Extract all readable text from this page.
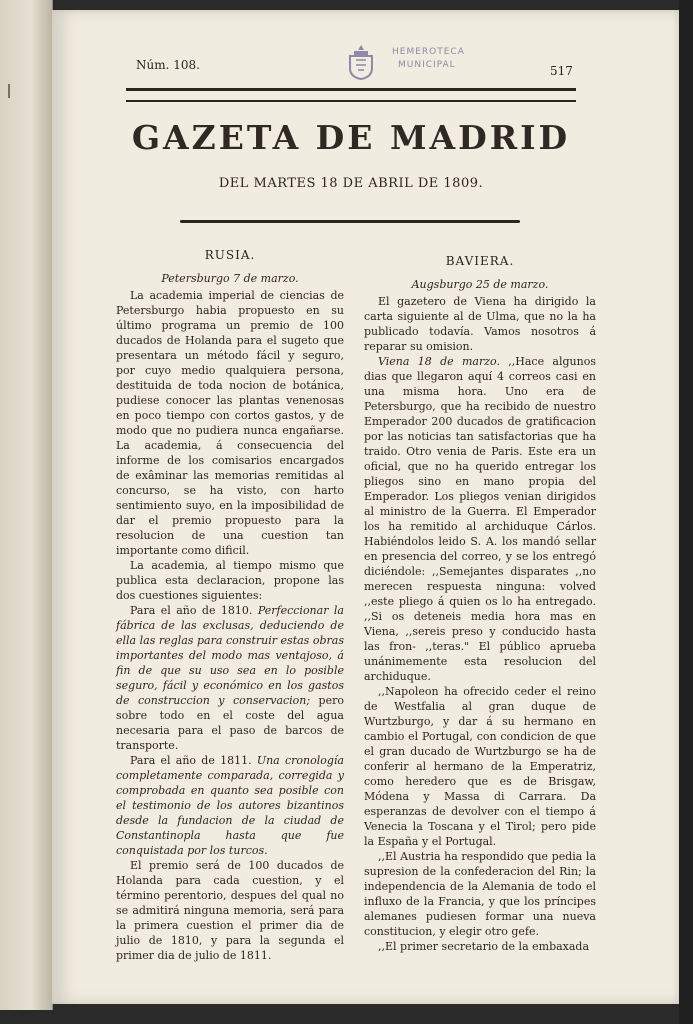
Núm. 108.	517
HEMEROTECA
MUNICIPAL
GAZETA DE MADRID
DEL MARTES 18 DE ABRIL DE 1809.

RUSIA.

Petersburgo 7 de marzo.

La academia imperial de ciencias de Petersburgo habia propuesto en su último programa un premio de 100 ducados de Holanda para el sugeto que presentara un método fácil y seguro, por cuyo medio qualquiera persona, destituida de toda nocion de botánica, pudiese conocer las plantas venenosas en poco tiempo con cortos gastos, y de modo que no pudiera nunca engañarse. La academia, á consecuencia del informe de los comisarios encargados de exâminar las memorias remitidas al concurso, se ha visto, con harto sentimiento suyo, en la imposibilidad de dar el premio propuesto para la resolucion de una cuestion tan importante como dificil.

La academia, al tiempo mismo que publica esta declaracion, propone las dos cuestiones siguientes:

Para el año de 1810. Perfeccionar la fábrica de las exclusas, deduciendo de ella las reglas para construir estas obras importantes del modo mas ventajoso, á fin de que su uso sea en lo posible seguro, fácil y económico en los gastos de construccion y conservacion; pero sobre todo en el coste del agua necesaria para el paso de barcos de transporte.

Para el año de 1811. Una cronología completamente comparada, corregida y comprobada en quanto sea posible con el testimonio de los autores bizantinos desde la fundacion de la ciudad de Constantinopla hasta que fue conquistada por los turcos.

El premio será de 100 ducados de Holanda para cada cuestion, y el término perentorio, despues del qual no se admitirá ninguna memoria, será para la primera cuestion el primer dia de julio de 1810, y para la segunda el primer dia de julio de 1811.

BAVIERA.

Augsburgo 25 de marzo.

El gazetero de Viena ha dirigido la carta siguiente al de Ulma, que no la ha publicado todavía. Vamos nosotros á reparar su omision.

Viena 18 de marzo. ,,Hace algunos dias que llegaron aquí 4 correos casi en una misma hora. Uno era de Petersburgo, que ha recibido de nuestro Emperador 200 ducados de gratificacion por las noticias tan satisfactorias que ha traido. Otro venia de Paris. Este era un oficial, que no ha querido entregar los pliegos sino en mano propia del Emperador. Los pliegos venian dirigidos al ministro de la Guerra. El Emperador los ha remitido al archiduque Cárlos. Habiéndolos leido S. A. los mandó sellar en presencia del correo, y se los entregó diciéndole: ,,Semejantes disparates ,,no merecen respuesta ninguna: volved ,,este pliego á quien os lo ha entregado. ,,Si os deteneis media hora mas en Viena, ,,sereis preso y conducido hasta las fron- ,,teras." El público aprueba unánimemente esta resolucion del archiduque.

,,Napoleon ha ofrecido ceder el reino de Westfalia al gran duque de Wurtzburgo, y dar á su hermano en cambio el Portugal, con condicion de que el gran ducado de Wurtzburgo se ha de conferir al hermano de la Emperatriz, como heredero que es de Brisgaw, Módena y Massa di Carrara. Da esperanzas de devolver con el tiempo á Venecia la Toscana y el Tirol; pero pide la España y el Portugal.

,,El Austria ha respondido que pedia la supresion de la confederacion del Rin; la independencia de la Alemania de todo el influxo de la Francia, y que los príncipes alemanes pudiesen formar una nueva constitucion, y elegir otro gefe.

,,El primer secretario de la embaxada
